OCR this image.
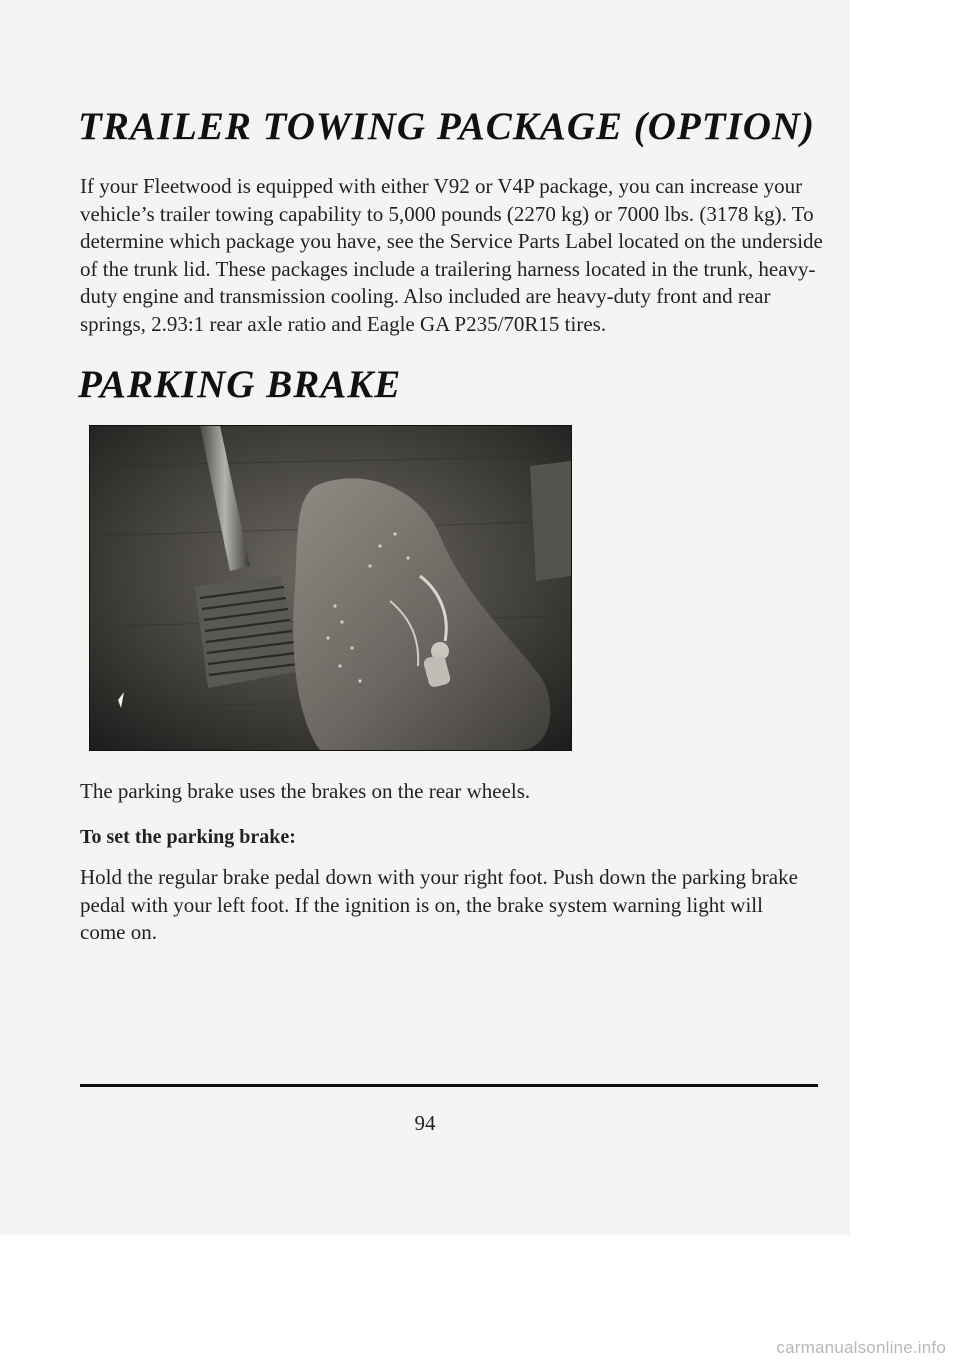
TRAILER TOWING PACKAGE (OPTION)

If your Fleetwood is equipped with either V92 or V4P package, you can increase your vehicle’s trailer towing capability to 5,000 pounds (2270 kg) or 7000 lbs. (3178 kg). To determine which package you have, see the Service Parts Label located on the underside of the trunk lid. These packages include a trailering harness located in the trunk, heavy-duty engine and transmission cooling. Also included are heavy-duty front and rear springs, 2.93:1 rear axle ratio and Eagle GA P235/70R15 tires.

PARKING BRAKE

The parking brake uses the brakes on the rear wheels.

To set the parking brake:

Hold the regular brake pedal down with your right foot. Push down the parking brake pedal with your left foot. If the ignition is on, the brake system warning light will come on.

94
carmanualsonline.info
